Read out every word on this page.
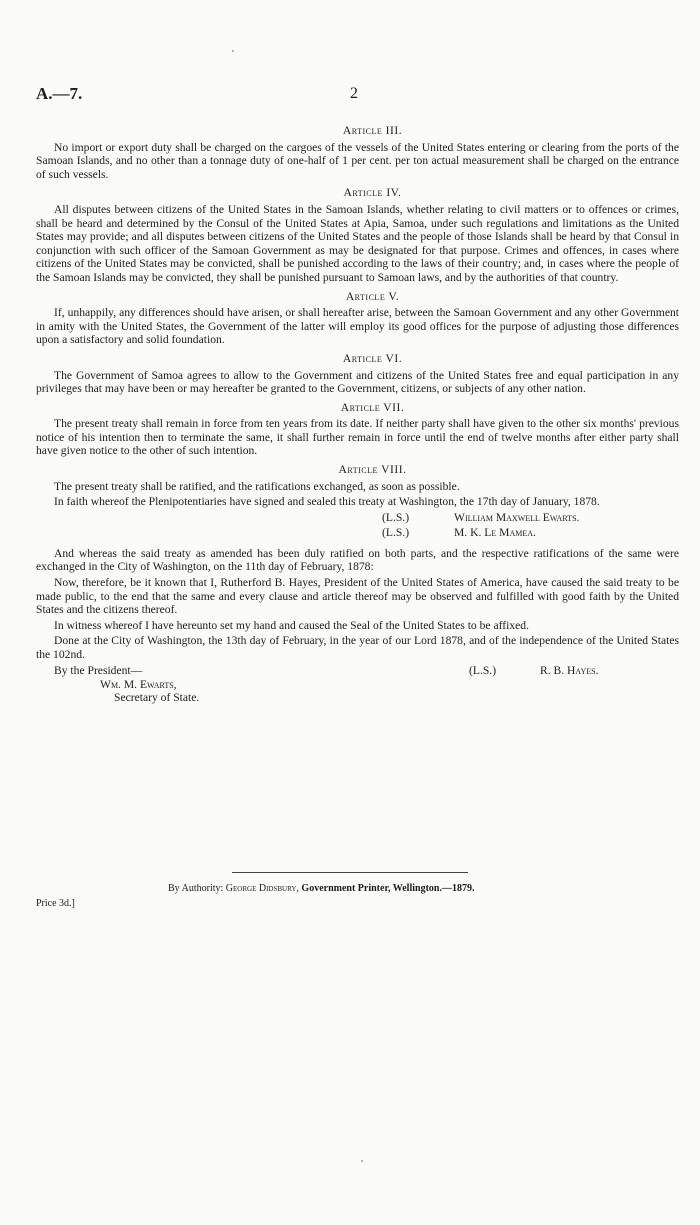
A.—7.	2
Article III.

No import or export duty shall be charged on the cargoes of the vessels of the United States entering or clearing from the ports of the Samoan Islands, and no other than a tonnage duty of one-half of 1 per cent. per ton actual measurement shall be charged on the entrance of such vessels.

Article IV.

All disputes between citizens of the United States in the Samoan Islands, whether relating to civil matters or to offences or crimes, shall be heard and determined by the Consul of the United States at Apia, Samoa, under such regulations and limitations as the United States may provide; and all disputes between citizens of the United States and the people of those Islands shall be heard by that Consul in conjunction with such officer of the Samoan Government as may be designated for that purpose. Crimes and offences, in cases where citizens of the United States may be convicted, shall be punished according to the laws of their country; and, in cases where the people of the Samoan Islands may be convicted, they shall be punished pursuant to Samoan laws, and by the authorities of that country.

Article V.

If, unhappily, any differences should have arisen, or shall hereafter arise, between the Samoan Government and any other Government in amity with the United States, the Government of the latter will employ its good offices for the purpose of adjusting those differences upon a satisfactory and solid foundation.

Article VI.

The Government of Samoa agrees to allow to the Government and citizens of the United States free and equal participation in any privileges that may have been or may hereafter be granted to the Government, citizens, or subjects of any other nation.

Article VII.

The present treaty shall remain in force from ten years from its date. If neither party shall have given to the other six months' previous notice of his intention then to terminate the same, it shall further remain in force until the end of twelve months after either party shall have given notice to the other of such intention.

Article VIII.

The present treaty shall be ratified, and the ratifications exchanged, as soon as possible.

In faith whereof the Plenipotentiaries have signed and sealed this treaty at Washington, the 17th day of January, 1878.

(L.S.)	William Maxwell Ewarts.
(L.S.)	M. K. Le Mamea.

And whereas the said treaty as amended has been duly ratified on both parts, and the respective ratifications of the same were exchanged in the City of Washington, on the 11th day of February, 1878:

Now, therefore, be it known that I, Rutherford B. Hayes, President of the United States of America, have caused the said treaty to be made public, to the end that the same and every clause and article thereof may be observed and fulfilled with good faith by the United States and the citizens thereof.

In witness whereof I have hereunto set my hand and caused the Seal of the United States to be affixed.

Done at the City of Washington, the 13th day of February, in the year of our Lord 1878, and of the independence of the United States the 102nd.

By the President—	(L.S.)	R. B. Hayes.
Wm. M. Ewarts,
Secretary of State.
By Authority: George Didsbury, Government Printer, Wellington.—1879.
Price 3d.]
